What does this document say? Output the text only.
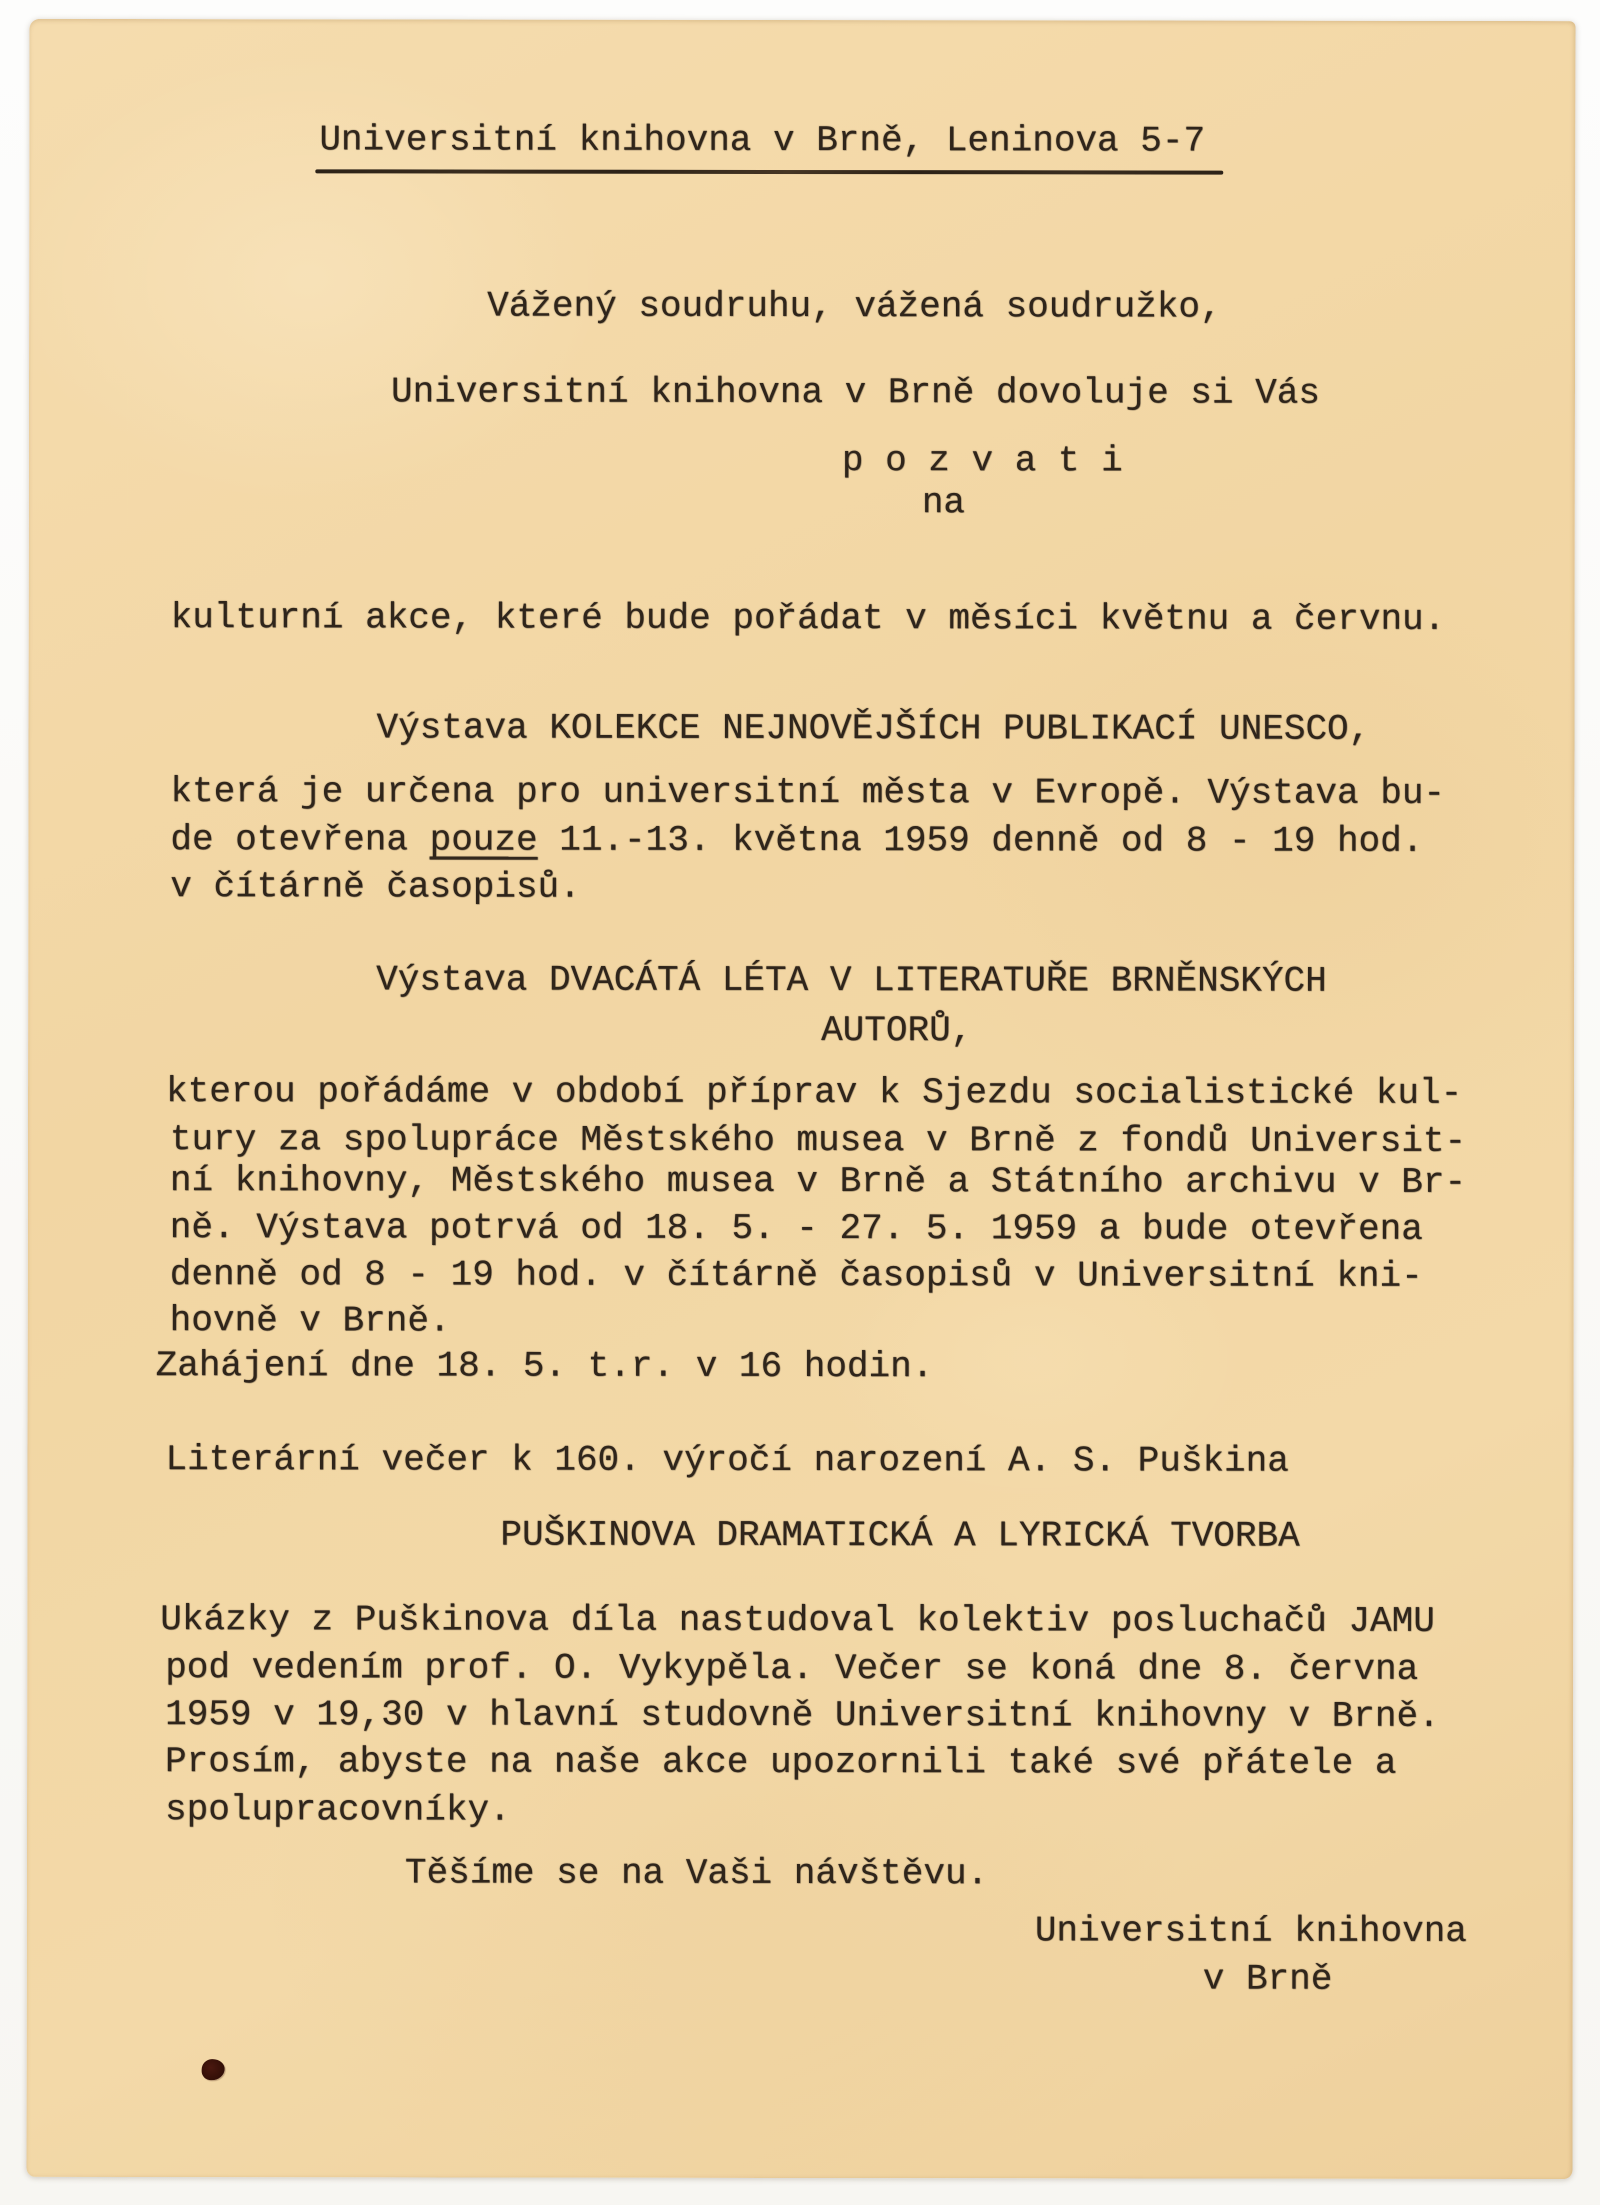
Universitní knihovna v Brně, Leninova 5-7
Vážený soudruhu, vážená soudružko,
Universitní knihovna v Brně dovoluje si Vás
p o z v a t i
na
kulturní akce, které bude pořádat v měsíci květnu a červnu.
Výstava KOLEKCE NEJNOVĚJŠÍCH PUBLIKACÍ UNESCO,
která je určena pro universitní města v Evropě. Výstava bu-
de otevřena pouze 11.-13. května 1959 denně od 8 - 19 hod.
v čítárně časopisů.
Výstava DVACÁTÁ LÉTA V LITERATUŘE BRNĚNSKÝCH
AUTORŮ,
kterou pořádáme v období příprav k Sjezdu socialistické kul-
tury za spolupráce Městského musea v Brně z fondů Universit-
ní knihovny, Městského musea v Brně a Státního archivu v Br-
ně. Výstava potrvá od 18. 5. - 27. 5. 1959 a bude otevřena
denně od 8 - 19 hod. v čítárně časopisů v Universitní kni-
hovně v Brně.
Zahájení dne 18. 5. t.r. v 16 hodin.
Literární večer k 160. výročí narození A. S. Puškina
PUŠKINOVA DRAMATICKÁ A LYRICKÁ TVORBA
Ukázky z Puškinova díla nastudoval kolektiv posluchačů JAMU
pod vedením prof. O. Vykypěla. Večer se koná dne 8. června
1959 v 19,30 v hlavní studovně Universitní knihovny v Brně.
Prosím, abyste na naše akce upozornili také své přátele a
spolupracovníky.
Těšíme se na Vaši návštěvu.
Universitní knihovna
v Brně
